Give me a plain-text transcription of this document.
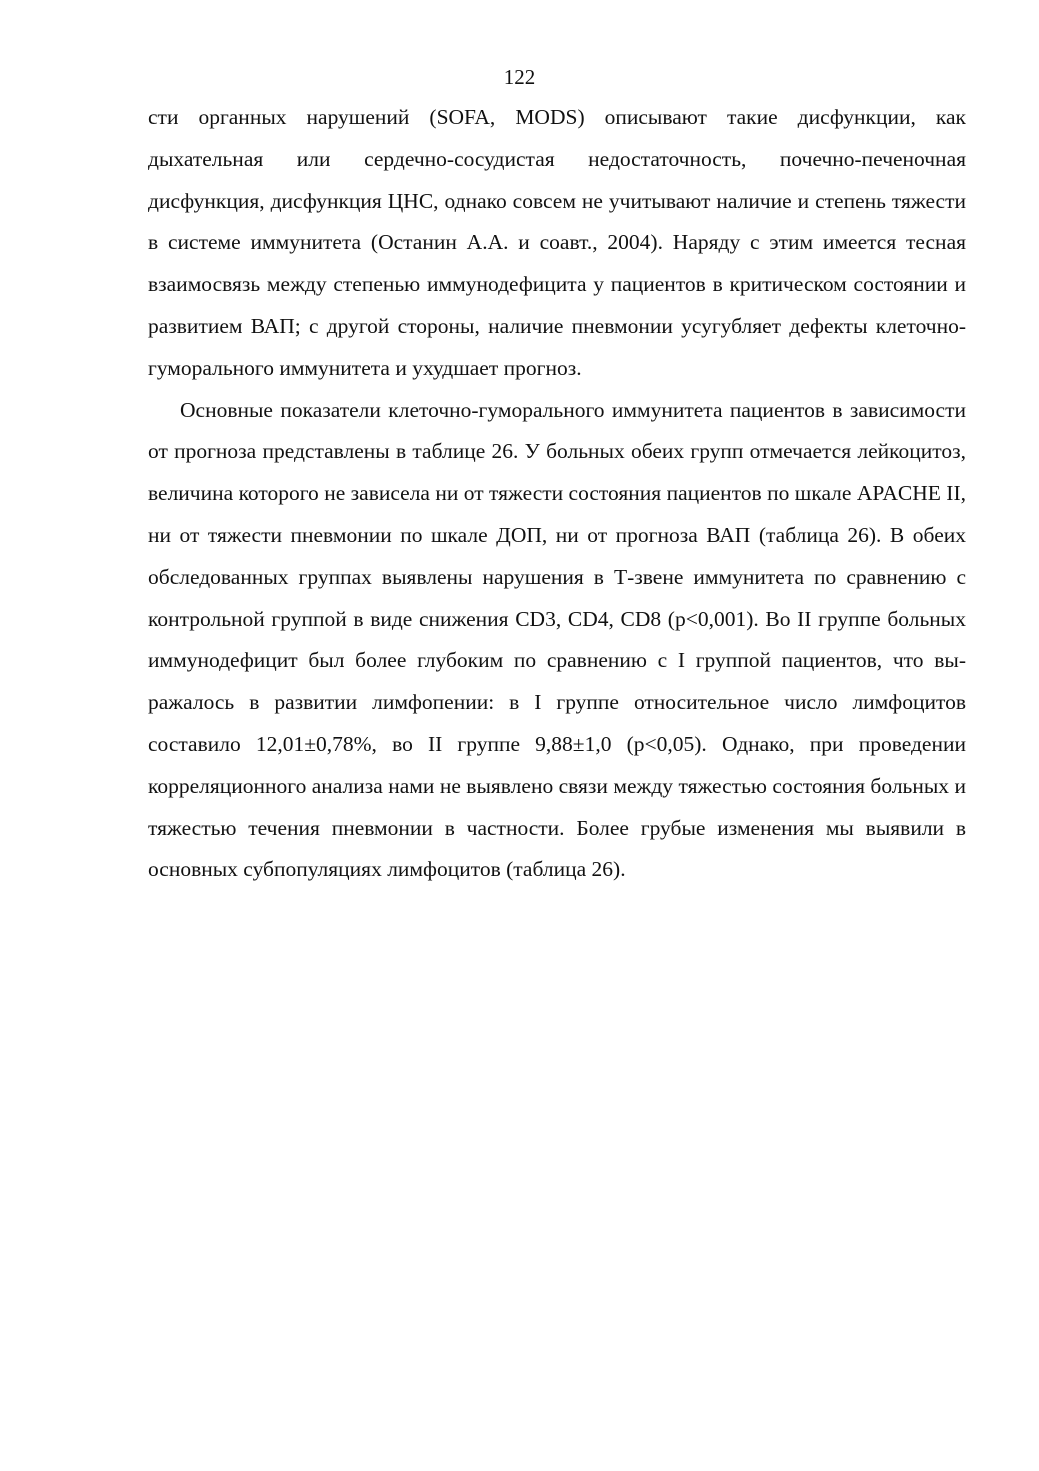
122

сти органных нарушений (SOFA, MODS) описывают такие дисфункции, как дыхательная или сердечно-сосудистая недостаточность, почечно-печеночная дисфункция, дисфункция ЦНС, однако совсем не учитывают наличие и степень тяжести в системе иммунитета (Останин А.А. и соавт., 2004). Наряду с этим имеется тесная взаимосвязь между степенью иммунодефицита у пациентов в критическом состоянии и развитием ВАП; с другой стороны, наличие пневмонии усугубляет дефекты клеточно-гуморального иммунитета и ухудшает прогноз.

Основные показатели клеточно-гуморального иммунитета пациентов в зависимости от прогноза представлены в таблице 26. У больных обеих групп отмечается лейкоцитоз, величина которого не зависела ни от тяжести состояния пациентов по шкале APACHE II, ни от тяжести пневмонии по шкале ДОП, ни от прогноза ВАП (таблица 26). В обеих обследованных группах выявлены нарушения в Т-звене иммунитета по сравнению с контрольной группой в виде снижения CD3, CD4, CD8 (p<0,001). Во II группе больных иммунодефицит был более глубоким по сравнению с I группой пациентов, что выражалось в развитии лимфопении: в I группе относительное число лимфоцитов составило 12,01±0,78%, во II группе 9,88±1,0 (p<0,05). Однако, при проведении корреляционного анализа нами не выявлено связи между тяжестью состояния больных и тяжестью течения пневмонии в частности. Более грубые изменения мы выявили в основных субпопуляциях лимфоцитов (таблица 26).
